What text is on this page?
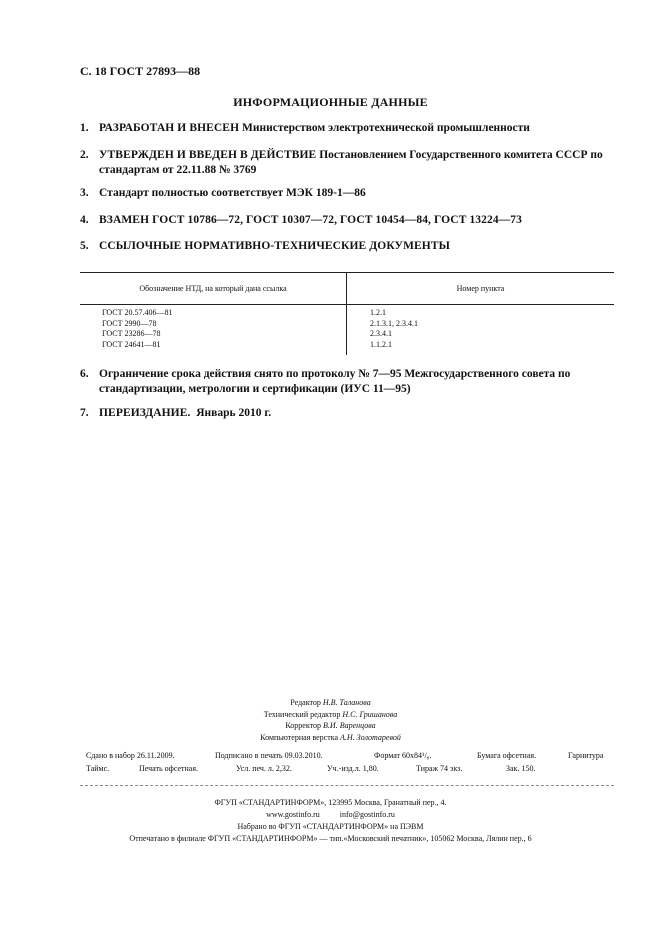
С. 18 ГОСТ 27893—88
ИНФОРМАЦИОННЫЕ ДАННЫЕ
1. РАЗРАБОТАН И ВНЕСЕН Министерством электротехнической промышленности
2. УТВЕРЖДЕН И ВВЕДЕН В ДЕЙСТВИЕ Постановлением Государственного комитета СССР по стандартам от 22.11.88 № 3769
3. Стандарт полностью соответствует МЭК 189-1—86
4. ВЗАМЕН ГОСТ 10786—72, ГОСТ 10307—72, ГОСТ 10454—84, ГОСТ 13224—73
5. ССЫЛОЧНЫЕ НОРМАТИВНО-ТЕХНИЧЕСКИЕ ДОКУМЕНТЫ
Обозначение НТД, на который дана ссылка	Номер пункта
ГОСТ 20.57.406—81	1.2.1
ГОСТ 2990—78	2.1.3.1, 2.3.4.1
ГОСТ 23286—78	2.3.4.1
ГОСТ 24641—81	1.1.2.1
6. Ограничение срока действия снято по протоколу № 7—95 Межгосударственного совета по стандартизации, метрологии и сертификации (ИУС 11—95)
7. ПЕРЕИЗДАНИЕ. Январь 2010 г.
Редактор Н.В. Таланова
Технический редактор Н.С. Гришанова
Корректор В.И. Варенцова
Компьютерная верстка А.Н. Золотаревой
Сдано в набор 26.11.2009.	Подписано в печать 09.03.2010.	Формат 60x84¹/₈.	Бумага офсетная.	Гарнитура
Таймс.	Печать офсетная.	Усл. печ. л. 2,32.	Уч.-изд.л. 1,80.	Тираж 74 экз.	Зак. 150.
ФГУП «СТАНДАРТИНФОРМ», 123995 Москва, Гранатный пер., 4.
www.gostinfo.ru          info@gostinfo.ru
Набрано во ФГУП «СТАНДАРТИНФОРМ» на ПЭВМ
Отпечатано в филиале ФГУП «СТАНДАРТИНФОРМ» — тип.«Московский печатник», 105062 Москва, Лялин пер., 6
